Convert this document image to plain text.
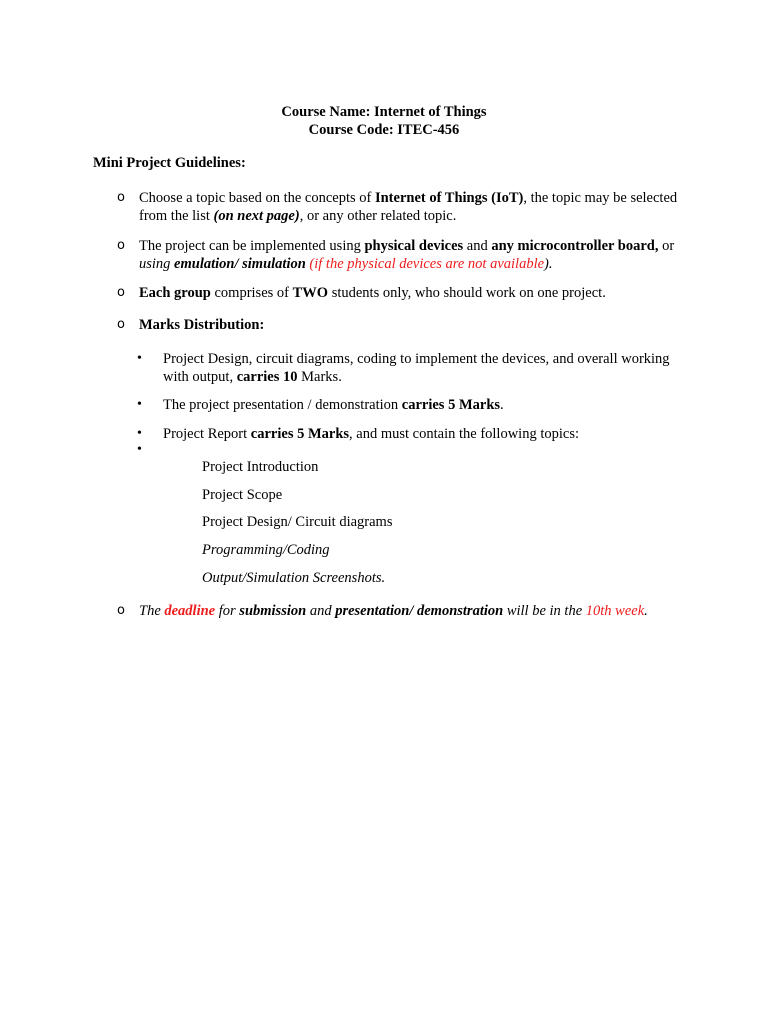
Course Name: Internet of Things
Course Code: ITEC-456
Mini Project Guidelines:
o Choose a topic based on the concepts of Internet of Things (IoT), the topic may be selected from the list (on next page), or any other related topic.
o The project can be implemented using physical devices and any microcontroller board, or using emulation/ simulation (if the physical devices are not available).
o Each group comprises of TWO students only, who should work on one project.
o Marks Distribution:
• Project Design, circuit diagrams, coding to implement the devices, and overall working with output, carries 10 Marks.
• The project presentation / demonstration carries 5 Marks.
• Project Report carries 5 Marks, and must contain the following topics:
•
Project Introduction
Project Scope
Project Design/ Circuit diagrams
Programming/Coding
Output/Simulation Screenshots.
o The deadline for submission and presentation/ demonstration will be in the 10th week.
